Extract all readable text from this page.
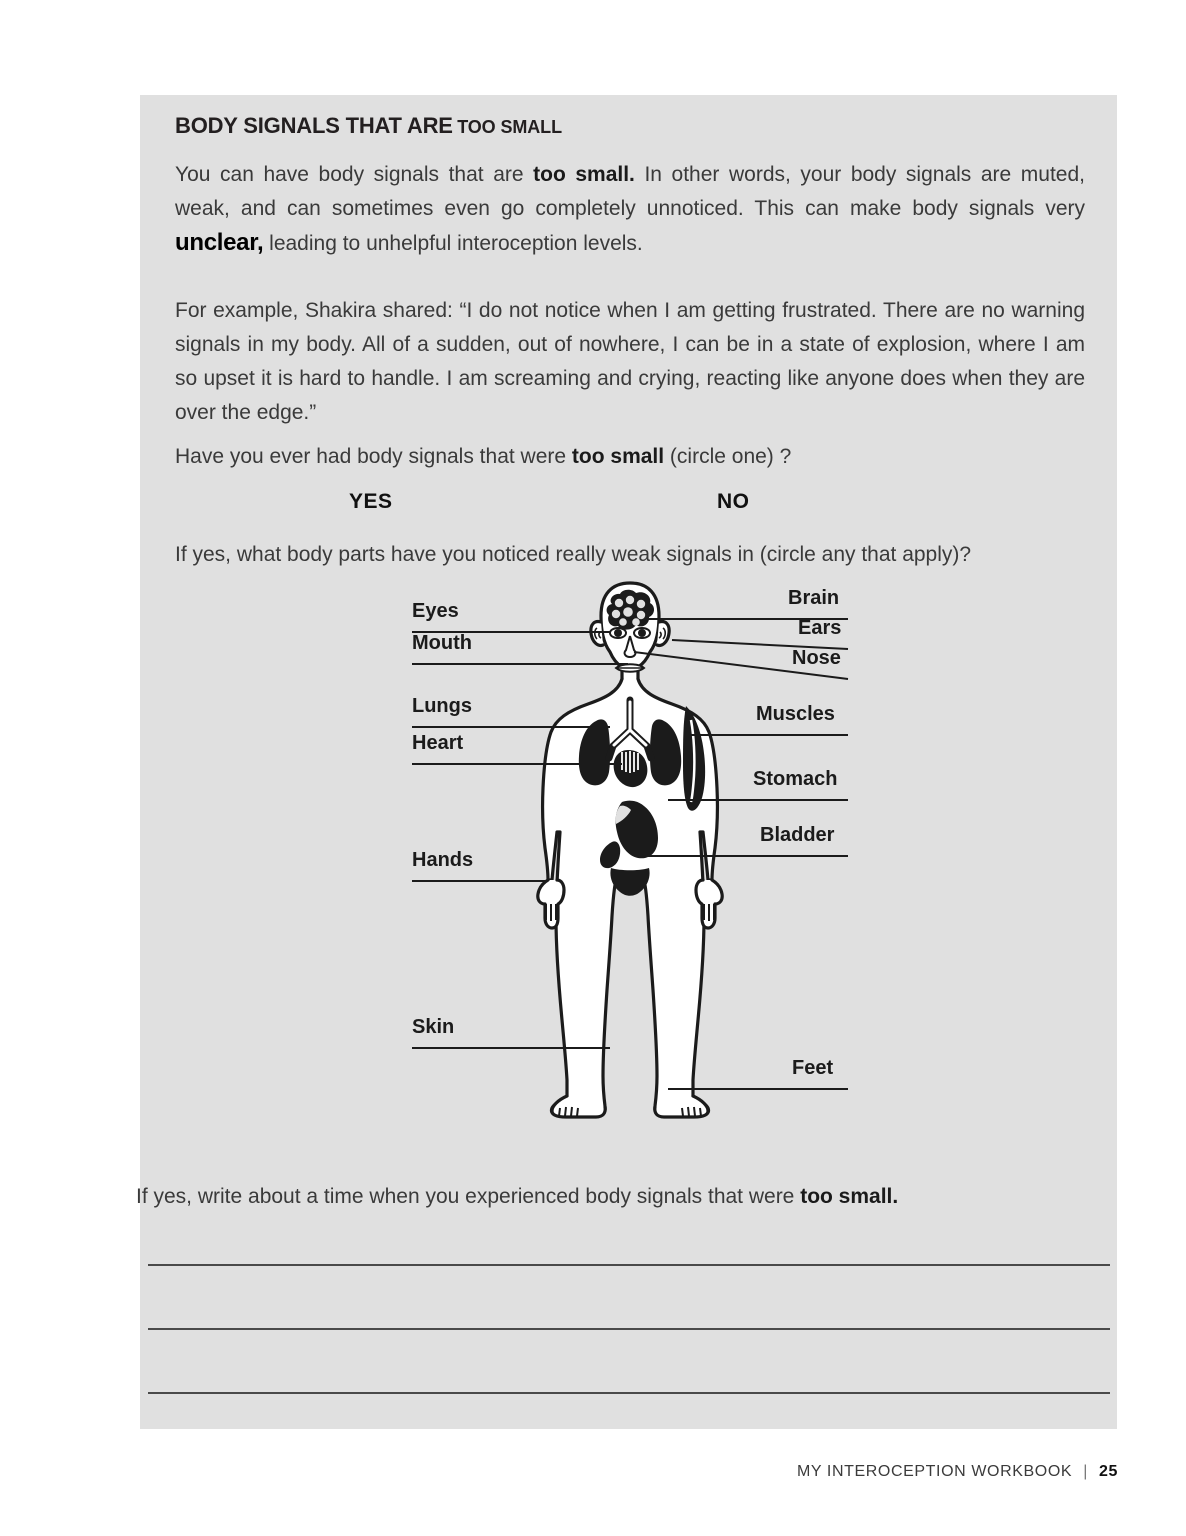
BODY SIGNALS THAT ARE TOO SMALL
You can have body signals that are too small. In other words, your body signals are muted, weak, and can sometimes even go completely unnoticed. This can make body signals very unclear, leading to unhelpful interoception levels.
For example, Shakira shared: “I do not notice when I am getting frustrated. There are no warning signals in my body. All of a sudden, out of nowhere, I can be in a state of explosion, where I am so upset it is hard to handle. I am screaming and crying, reacting like anyone does when they are over the edge.”
Have you ever had body signals that were too small (circle one) ?
YES	NO
If yes, what body parts have you noticed really weak signals in (circle any that apply)?
Eyes
Mouth
Lungs
Heart
Hands
Skin
Brain
Ears
Nose
Muscles
Stomach
Bladder
Feet
If yes, write about a time when you experienced body signals that were too small.
MY INTEROCEPTION WORKBOOK | 25
